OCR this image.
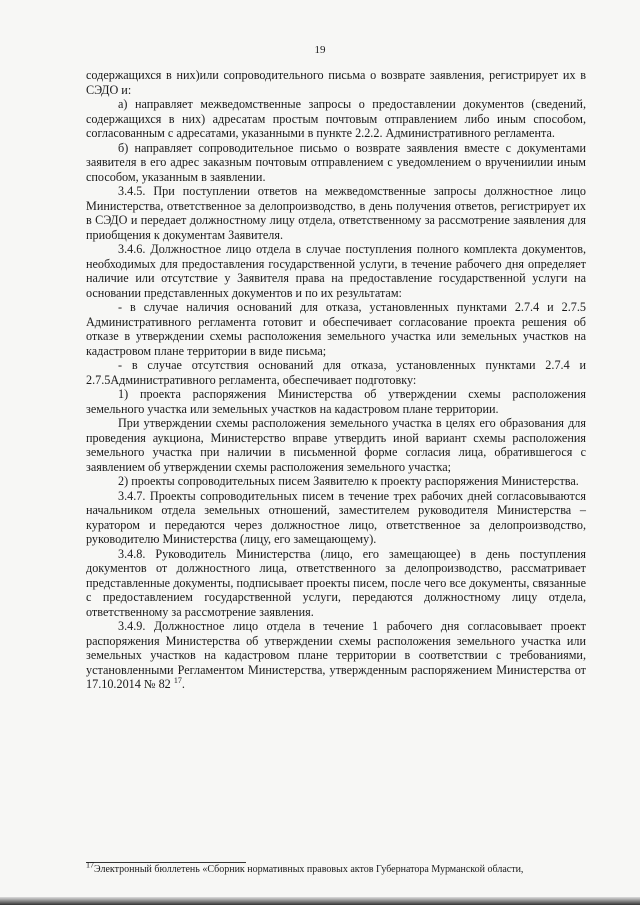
19

содержащихся в них)или сопроводительного письма о возврате заявления, регистрирует их в СЭДО и:

а) направляет межведомственные запросы о предоставлении документов (сведений, содержащихся в них) адресатам простым почтовым отправлением либо иным способом, согласованным с адресатами, указанными в пункте 2.2.2. Административного регламента.

б) направляет сопроводительное письмо о возврате заявления вместе с документами заявителя в его адрес заказным почтовым отправлением с уведомлением о вручениилии иным способом, указанным в заявлении.

3.4.5. При поступлении ответов на межведомственные запросы должностное лицо Министерства, ответственное за делопроизводство, в день получения ответов, регистрирует их в СЭДО и передает должностному лицу отдела, ответственному за рассмотрение заявления для приобщения к документам Заявителя.

3.4.6. Должностное лицо отдела в случае поступления полного комплекта документов, необходимых для предоставления государственной услуги, в течение рабочего дня определяет наличие или отсутствие у Заявителя права на предоставление государственной услуги на основании представленных документов и по их результатам:

- в случае наличия оснований для отказа, установленных пунктами 2.7.4 и 2.7.5 Административного регламента готовит и обеспечивает согласование проекта решения об отказе в утверждении схемы расположения земельного участка или земельных участков на кадастровом плане территории в виде письма;

- в случае отсутствия оснований для отказа, установленных пунктами 2.7.4 и 2.7.5Административного регламента, обеспечивает подготовку:

1) проекта распоряжения Министерства об утверждении схемы расположения земельного участка или земельных участков на кадастровом плане территории.

При утверждении схемы расположения земельного участка в целях его образования для проведения аукциона, Министерство вправе утвердить иной вариант схемы расположения земельного участка при наличии в письменной форме согласия лица, обратившегося с заявлением об утверждении схемы расположения земельного участка;

2) проекты сопроводительных писем Заявителю к проекту распоряжения Министерства.

3.4.7. Проекты сопроводительных писем в течение трех рабочих дней согласовываются начальником отдела земельных отношений, заместителем руководителя Министерства – куратором и передаются через должностное лицо, ответственное за делопроизводство, руководителю Министерства (лицу, его замещающему).

3.4.8. Руководитель Министерства (лицо, его замещающее) в день поступления документов от должностного лица, ответственного за делопроизводство, рассматривает представленные документы, подписывает проекты писем, после чего все документы, связанные с предоставлением государственной услуги, передаются должностному лицу отдела, ответственному за рассмотрение заявления.

3.4.9. Должностное лицо отдела в течение 1 рабочего дня согласовывает проект распоряжения Министерства об утверждении схемы расположения земельного участка или земельных участков на кадастровом плане территории в соответствии с требованиями, установленными Регламентом Министерства, утвержденным распоряжением Министерства от 17.10.2014 № 82 $^{17}$.

$^{17}$Электронный бюллетень «Сборник нормативных правовых актов Губернатора Мурманской области,
